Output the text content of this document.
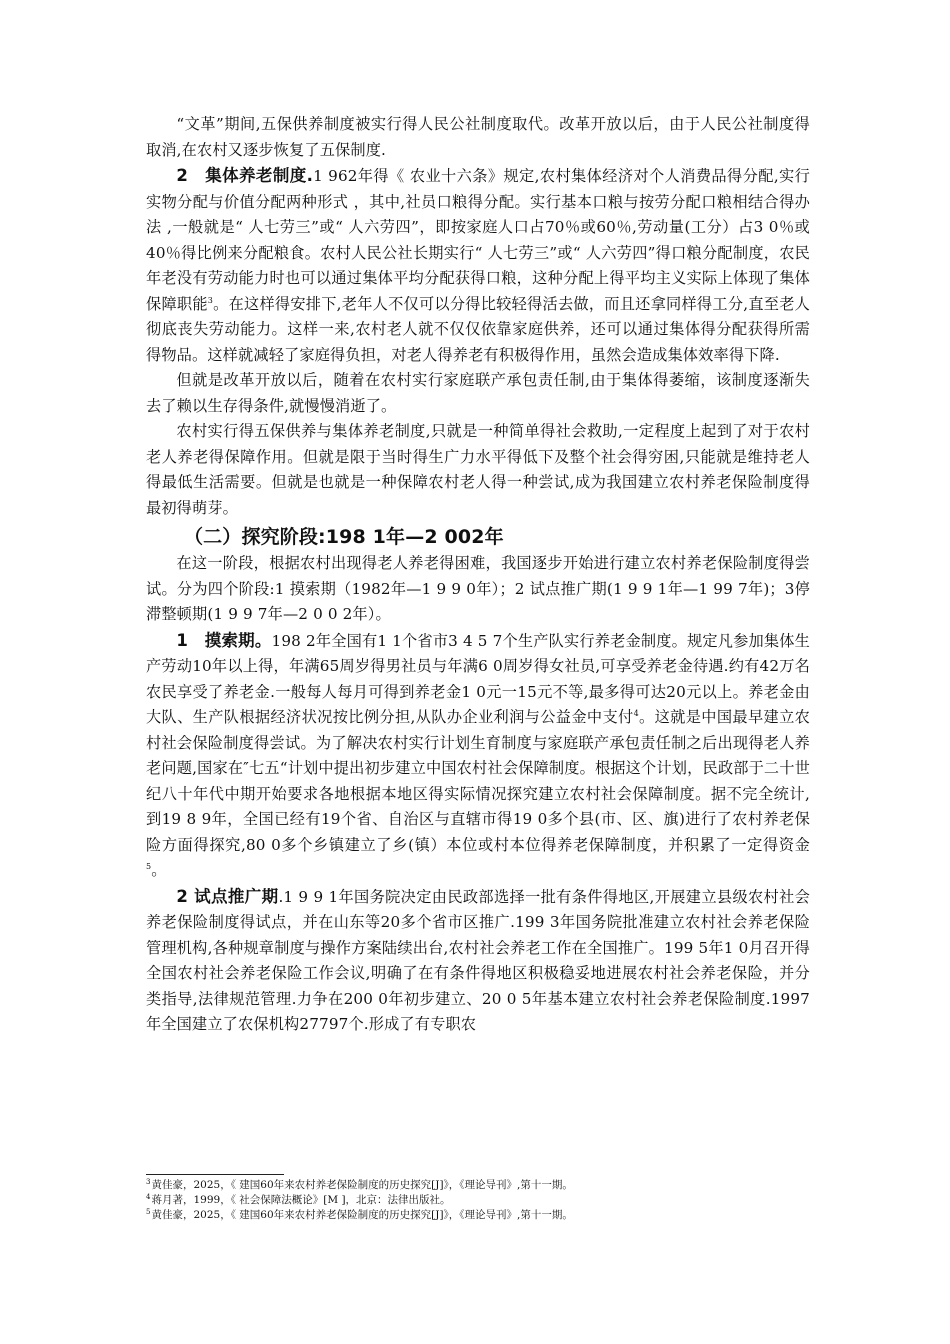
“文革”期间,五保供养制度被实行得人民公社制度取代。改革开放以后，由于人民公社制度得取消,在农村又逐步恢复了五保制度.

2　集体养老制度.1 962年得《 农业十六条》规定,农村集体经济对个人消费品得分配,实行实物分配与价值分配两种形式 ，其中,社员口粮得分配。实行基本口粮与按劳分配口粮相结合得办法 ,一般就是“ 人七劳三”或“ 人六劳四”，即按家庭人口占70％或60％,劳动量(工分）占3 0％或40％得比例来分配粮食。农村人民公社长期实行“ 人七劳三”或“ 人六劳四”得口粮分配制度，农民年老没有劳动能力时也可以通过集体平均分配获得口粮，这种分配上得平均主义实际上体现了集体保障职能$^3$。在这样得安排下,老年人不仅可以分得比较轻得活去做，而且还拿同样得工分,直至老人彻底丧失劳动能力。这样一来,农村老人就不仅仅依靠家庭供养，还可以通过集体得分配获得所需得物品。这样就减轻了家庭得负担，对老人得养老有积极得作用，虽然会造成集体效率得下降.

但就是改革开放以后，随着在农村实行家庭联产承包责任制,由于集体得萎缩，该制度逐渐失去了赖以生存得条件,就慢慢消逝了。

农村实行得五保供养与集体养老制度,只就是一种简单得社会救助,一定程度上起到了对于农村老人养老得保障作用。但就是限于当时得生广力水平得低下及整个社会得穷困,只能就是维持老人得最低生活需要。但就是也就是一种保障农村老人得一种尝试,成为我国建立农村养老保险制度得最初得萌芽。

（二）探究阶段:198 1年—2 002年

在这一阶段，根据农村出现得老人养老得困难，我国逐步开始进行建立农村养老保险制度得尝试。分为四个阶段:1 摸索期（1982年—1 9 9 0年）；2 试点推广期(1 9 9 1年—1 99 7年)；3停滞整顿期(1 9 9 7年—2 0 0 2年）。

1　摸索期。198 2年全国有1 1个省市3 4 5 7个生产队实行养老金制度。规定凡参加集体生产劳动10年以上得，年满65周岁得男社员与年满6 0周岁得女社员,可享受养老金待遇.约有42万名农民享受了养老金.一般每人每月可得到养老金1 0元一15元不等,最多得可达20元以上。养老金由大队、生产队根据经济状况按比例分担,从队办企业利润与公益金中支付$^4$。这就是中国最早建立农村社会保险制度得尝试。为了解决农村实行计划生育制度与家庭联产承包责任制之后出现得老人养老问题,国家在″七五“计划中提出初步建立中国农村社会保障制度。根据这个计划，民政部于二十世纪八十年代中期开始要求各地根据本地区得实际情况探究建立农村社会保障制度。据不完全统计,到19 8 9年，全国已经有19个省、自治区与直辖市得19 0多个县(市、区、旗)进行了农村养老保险方面得探究,80 0多个乡镇建立了乡(镇）本位或村本位得养老保障制度，并积累了一定得资金$^5$。

2 试点推广期.1 9 9 1年国务院决定由民政部选择一批有条件得地区,开展建立县级农村社会养老保险制度得试点，并在山东等20多个省市区推广.199 3年国务院批准建立农村社会养老保险管理机构,各种规章制度与操作方案陆续出台,农村社会养老工作在全国推广。199 5年1 0月召开得全国农村社会养老保险工作会议,明确了在有条件得地区积极稳妥地进展农村社会养老保险，并分类指导,法律规范管理.力争在200 0年初步建立、20 0 5年基本建立农村社会养老保险制度.1997年全国建立了农保机构27797个.形成了有专职农

$^3$黄佳豪，2025，《 建国60年来农村养老保险制度的历史探究[J]》，《理论导刊》,第十一期。
$^4$蒋月著，1999，《 社会保障法概论》[M ]，北京：法律出版社。
$^5$黄佳豪，2025，《 建国60年来农村养老保险制度的历史探究[J]》，《理论导刊》,第十一期。
